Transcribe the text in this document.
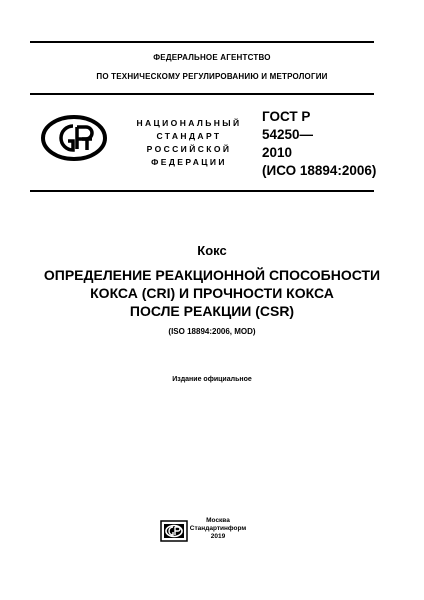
ФЕДЕРАЛЬНОЕ АГЕНТСТВО
ПО ТЕХНИЧЕСКОМУ РЕГУЛИРОВАНИЮ И МЕТРОЛОГИИ
НАЦИОНАЛЬНЫЙ
СТАНДАРТ
РОССИЙСКОЙ
ФЕДЕРАЦИИ
ГОСТ Р
54250—
2010
(ИСО 18894:2006)
Кокс
ОПРЕДЕЛЕНИЕ РЕАКЦИОННОЙ СПОСОБНОСТИ
КОКСА (CRI) И ПРОЧНОСТИ КОКСА
ПОСЛЕ РЕАКЦИИ (CSR)
(ISO 18894:2006, MOD)
Издание официальное
Москва
Стандартинформ
2019
